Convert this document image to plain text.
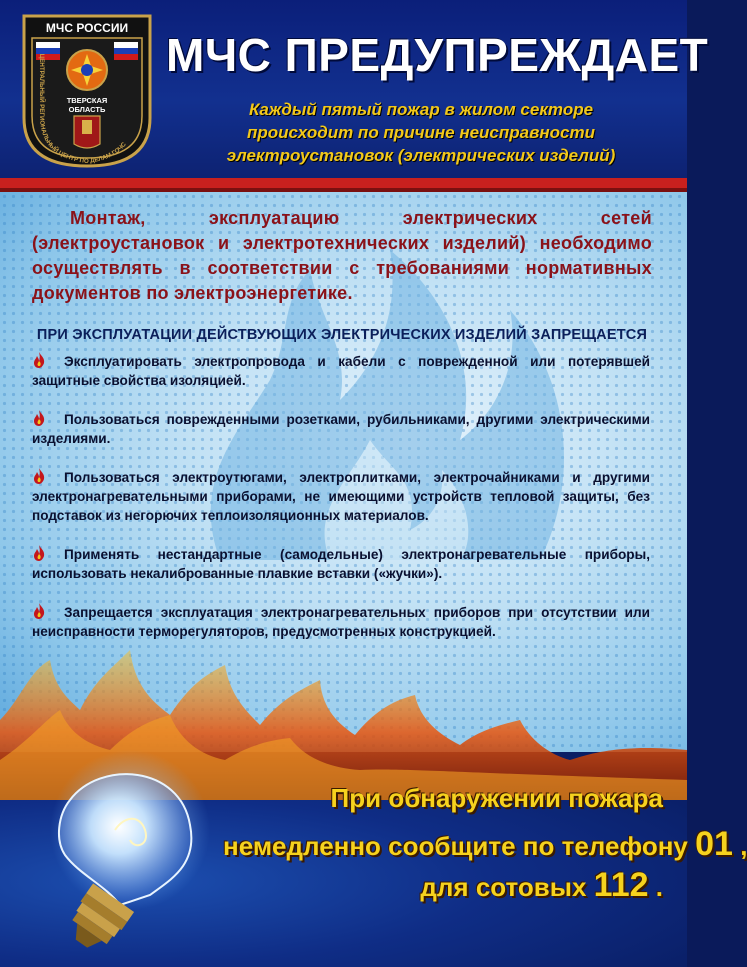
МЧС РОССИИ
ТВЕРСКАЯ
ОБЛАСТЬ
ЦЕНТРАЛЬНЫЙ РЕГИОНАЛЬНЫЙ ЦЕНТР ПО ДЕЛАМ ГОЧС
МЧС ПРЕДУПРЕЖДАЕТ
Каждый пятый пожар в жилом секторе
происходит по причине неисправности
электроустановок (электрических изделий)

Монтаж, эксплуатацию электрических сетей (электроустановок и электротехнических изделий) необходимо осуществлять в соответствии с требованиями нормативных документов по электроэнергетике.

ПРИ ЭКСПЛУАТАЦИИ ДЕЙСТВУЮЩИХ ЭЛЕКТРИЧЕСКИХ ИЗДЕЛИЙ ЗАПРЕЩАЕТСЯ
Эксплуатировать электропровода и кабели с поврежденной или потерявшей защитные свойства изоляцией.
Пользоваться поврежденными розетками, рубильниками, другими электрическими изделиями.
Пользоваться электроутюгами, электроплитками, электрочайниками и другими электронагревательными приборами, не имеющими устройств тепловой защиты, без подставок из негорючих теплоизоляционных материалов.
Применять нестандартные (самодельные) электронагревательные приборы, использовать некалиброванные плавкие вставки («жучки»).
Запрещается эксплуатация электронагревательных приборов при отсутствии или неисправности терморегуляторов, предусмотренных конструкцией.
При обнаружении пожара
немедленно сообщите по телефону 01 ,
для сотовых 112 .
